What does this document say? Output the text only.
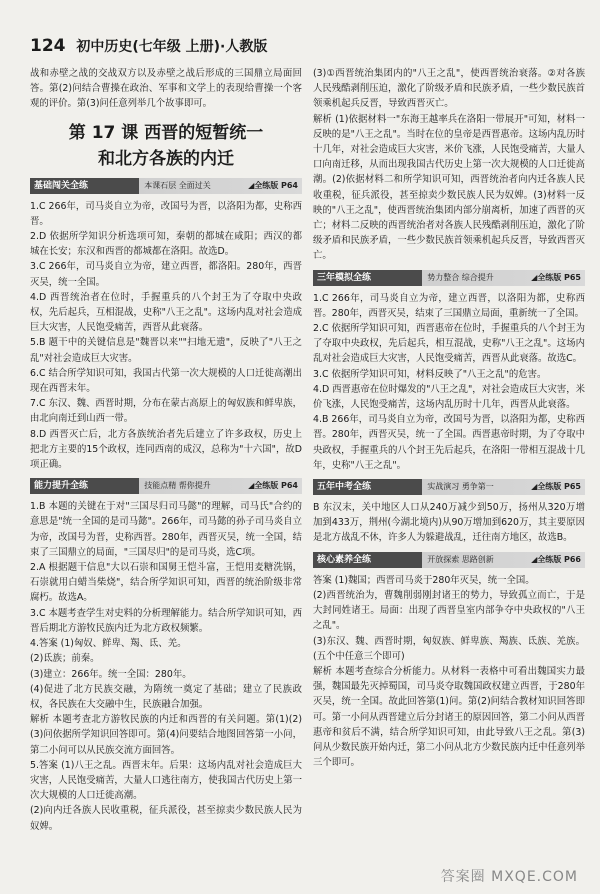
124 初中历史(七年级 上册)·人教版

战和赤壁之战的交战双方以及赤壁之战后形成的三国鼎立局面回答。第(2)问结合曹操在政治、军事和文学上的表现给曹操一个客观的评价。第(3)问任意列举几个故事即可。

第 17 课 西晋的短暂统一
和北方各族的内迁
基础闯关全练	本课石层 全面过关	◢全练版 P64

1.C 266年，司马炎自立为帝，改国号为晋，以洛阳为都，史称西晋。

2.D 依据所学知识分析选项可知，秦朝的都城在咸阳；西汉的都城在长安；东汉和西晋的都城都在洛阳。故选D。

3.C 266年，司马炎自立为帝，建立西晋，都洛阳。280年，西晋灭吴，统一全国。

4.D 西晋统治者在位时，手握重兵的八个封王为了夺取中央政权，先后起兵，互相混战，史称"八王之乱"。这场内乱对社会造成巨大灾害，人民饱受痛苦，西晋从此衰落。

5.B 题干中的关键信息是"魏晋以来""扫地无遗"，反映了"八王之乱"对社会造成巨大灾害。

6.C 结合所学知识可知，我国古代第一次大规模的人口迁徙高潮出现在西晋末年。

7.C 东汉、魏、西晋时期，分布在蒙古高原上的匈奴族和鲜卑族，由北向南迁到山西一带。

8.D 西晋灭亡后，北方各族统治者先后建立了许多政权，历史上把北方主要的15个政权，连同西南的成汉，总称为"十六国"，故D项正确。

能力提升全练	技能点精 帮你提升	◢全练版 P64

1.B 本题的关键在于对"三国尽归司马懿"的理解，司马氏"合约的意思是"统一全国的是司马懿"。266年，司马懿的孙子司马炎自立为帝，改国号为晋，史称西晋。280年，西晋灭吴，统一全国，结束了三国鼎立的局面，"三国尽归"的是司马炎，选C项。

2.A 根据题干信息"大以石崇和国舅王恺斗富，王恺用麦糖洗锅，石崇就用白蜡当柴烧"，结合所学知识可知，西晋的统治阶级非常腐朽。故选A。

3.C 本题考查学生对史料的分析理解能力。结合所学知识可知，西晋后期北方游牧民族内迁为北方政权频繁。

4.答案 (1)匈奴、鲜卑、羯、氐、羌。

(2)氐族；前秦。

(3)建立：266年。统一全国：280年。

(4)促进了北方民族交融，为隋统一奠定了基础；建立了民族政权，各民族在大交融中生，民族融合加强。

解析 本题考查北方游牧民族的内迁和西晋的有关问题。第(1)(2)(3)问依据所学知识回答即可。第(4)问要结合地图回答第一小问，第二小问可以从民族交流方面回答。

5.答案 (1)八王之乱。西晋末年。后果：这场内乱对社会造成巨大灾害，人民饱受痛苦，大量人口逃往南方，使我国古代历史上第一次大规模的人口迁徙高潮。

(2)向内迁各族人民收重税，征兵派役，甚至掠卖少数民族人民为奴婢。

(3)①西晋统治集团内的"八王之乱"，使西晋统治衰落。②对各族人民残酷剥削压迫，激化了阶级矛盾和民族矛盾，一些少数民族首领乘机起兵反晋，导致西晋灭亡。

解析 (1)依据材料一"东海王越率兵在洛阳一带展开"可知，材料一反映的是"八王之乱"。当时在位的皇帝是西晋惠帝。这场内乱历时十几年，对社会造成巨大灾害，米价飞涨，人民饱受痛苦，大量人口向南迁移，从而出现我国古代历史上第一次大规模的人口迁徙高潮。(2)依据材料二和所学知识可知，西晋统治者向内迁各族人民收重税，征兵派役，甚至掠卖少数民族人民为奴婢。(3)材料一反映的"八王之乱"，使西晋统治集团内部分崩离析，加速了西晋的灭亡；材料二反映的西晋统治者对各族人民残酷剥削压迫，激化了阶级矛盾和民族矛盾，一些少数民族首领乘机起兵反晋，导致西晋灭亡。

三年模拟全练	势力整合 综合提升	◢全练版 P65

1.C 266年，司马炎自立为帝，建立西晋，以洛阳为都，史称西晋。280年，西晋灭吴，结束了三国鼎立局面，重新统一了全国。

2.C 依据所学知识可知，西晋惠帝在位时，手握重兵的八个封王为了夺取中央政权，先后起兵，相互混战，史称"八王之乱"。这场内乱对社会造成巨大灾害，人民饱受痛苦，西晋从此衰落。故选C。

3.C 依据所学知识可知，材料反映了"八王之乱"的危害。

4.D 西晋惠帝在位时爆发的"八王之乱"，对社会造成巨大灾害，米价飞涨，人民饱受痛苦，这场内乱历时十几年，西晋从此衰落。

4.B 266年，司马炎自立为帝，改国号为晋，以洛阳为都，史称西晋。280年，西晋灭吴，统一了全国。西晋惠帝时期，为了夺取中央政权，手握重兵的八个封王先后起兵，在洛阳一带相互混战十几年，史称"八王之乱"。

五年中考全练	实战演习 勇争第一	◢全练版 P65

B 东汉末，关中地区人口从240万减少到50万，扬州从320万增加到433万，荆州(今湖北境内)从90万增加到620万，其主要原因是北方战乱不休，许多人为躲避战乱，迁往南方地区，故选B。

核心素养全练	开放探索 思路创新	◢全练版 P66

答案 (1)魏国；西晋司马炎于280年灭吴，统一全国。

(2)西晋统治为，曹魏削弱刚封诸王的势力，导致孤立而亡，于是大封同姓诸王。局面：出现了西晋皇室内部争夺中央政权的"八王之乱"。

(3)东汉、魏、西晋时期，匈奴族、鲜卑族、羯族、氐族、羌族。(五个中任意三个即可)

解析 本题考查综合分析能力。从材料一表格中可看出魏国实力最强，魏国最先灭掉蜀国，司马炎夺取魏国政权建立西晋，于280年灭吴，统一全国。故此回答第(1)问。第(2)问结合教材知识回答即可。第一小问从西晋建立后分封诸王的原因回答，第二小问从西晋惠帝和贫后不满，结合所学知识可知，由此导致八王之乱。第(3)问从少数民族开始内迁，第二小问从北方少数民族内迁中任意列举三个即可。

答案圈 MXQE.COM
